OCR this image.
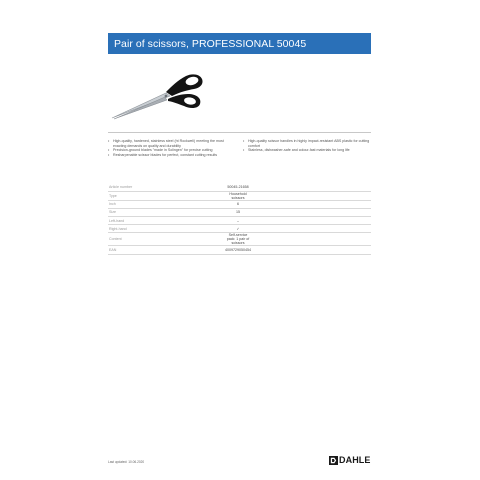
Pair of scissors, PROFESSIONAL 50045
• High-quality, hardened, stainless steel (ht Rockwell) meeting the most exacting demands on quality and durability
• Precision-ground blades "made in Solingen" for precise cutting
• Resharpenable scissor blades for perfect, constant cutting results
• High-quality scissor handles in highly impact-resistant ABS plastic for cutting comfort
• Stainless, dishwasher-safe and colour-fast materials for long life
Article number	50045-21658
Type	Household scissors
Inch	6
Size	15
Left-hand	–
Right-hand	✓
Content	Self-service pack: 1 pair of scissors
EAN	4009729050454
Last updated: 10.06.2020	DAHLE
